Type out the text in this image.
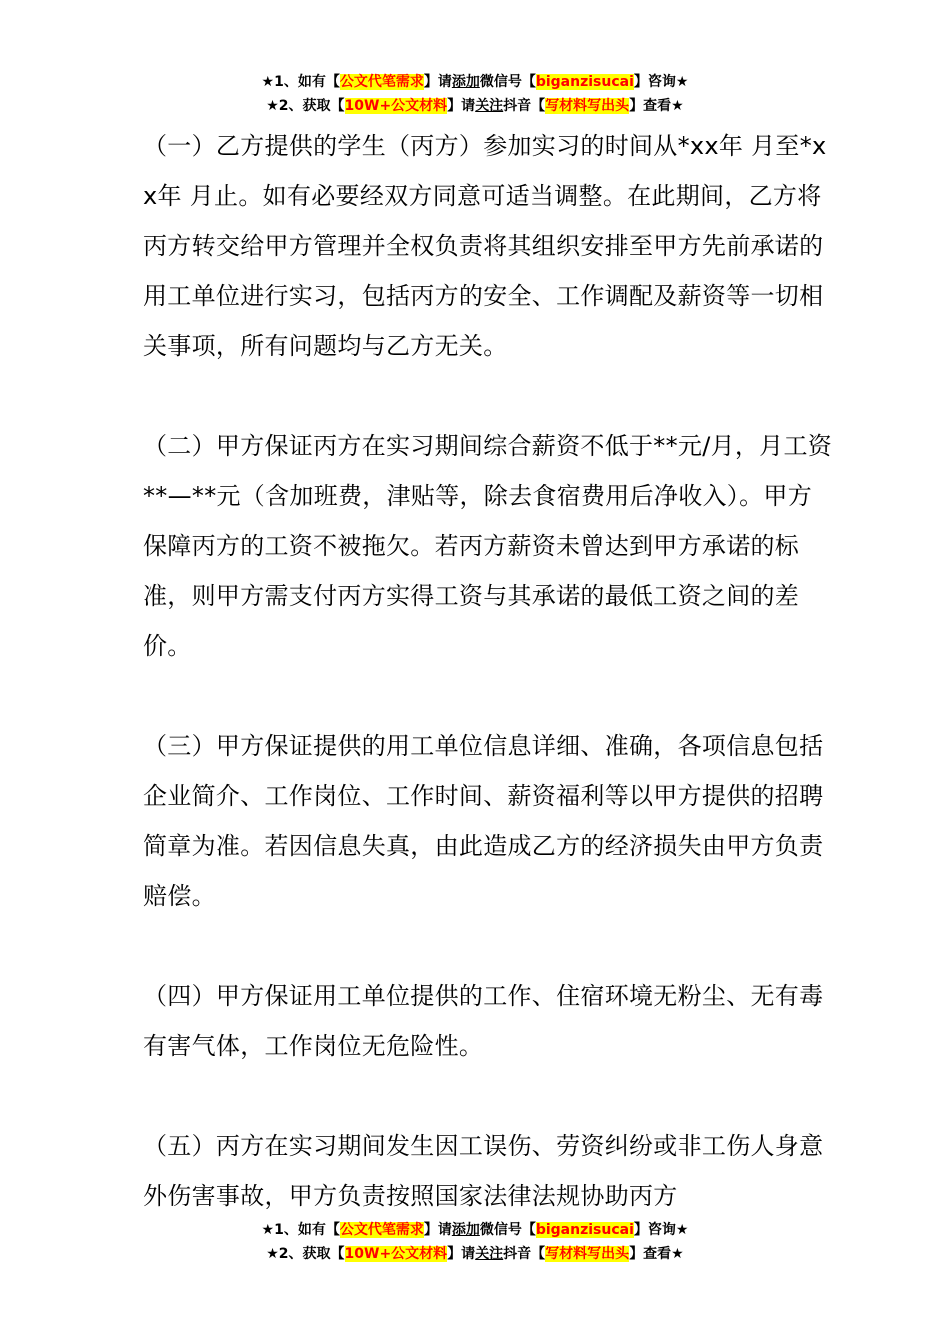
★1、如有【公文代笔需求】请添加微信号【biganzisucai】咨询★
★2、获取【10W+公文材料】请关注抖音【写材料写出头】查看★

（一）乙方提供的学生（丙方）参加实习的时间从*xx年 月至*xx年 月止。如有必要经双方同意可适当调整。在此期间，乙方将丙方转交给甲方管理并全权负责将其组织安排至甲方先前承诺的用工单位进行实习，包括丙方的安全、工作调配及薪资等一切相关事项，所有问题均与乙方无关。

（二）甲方保证丙方在实习期间综合薪资不低于**元/月，月工资**—**元（含加班费，津贴等，除去食宿费用后净收入）。甲方保障丙方的工资不被拖欠。若丙方薪资未曾达到甲方承诺的标准，则甲方需支付丙方实得工资与其承诺的最低工资之间的差价。

（三）甲方保证提供的用工单位信息详细、准确，各项信息包括企业简介、工作岗位、工作时间、薪资福利等以甲方提供的招聘简章为准。若因信息失真，由此造成乙方的经济损失由甲方负责赔偿。

（四）甲方保证用工单位提供的工作、住宿环境无粉尘、无有毒有害气体，工作岗位无危险性。

（五）丙方在实习期间发生因工误伤、劳资纠纷或非工伤人身意外伤害事故，甲方负责按照国家法律法规协助丙方

★1、如有【公文代笔需求】请添加微信号【biganzisucai】咨询★
★2、获取【10W+公文材料】请关注抖音【写材料写出头】查看★
